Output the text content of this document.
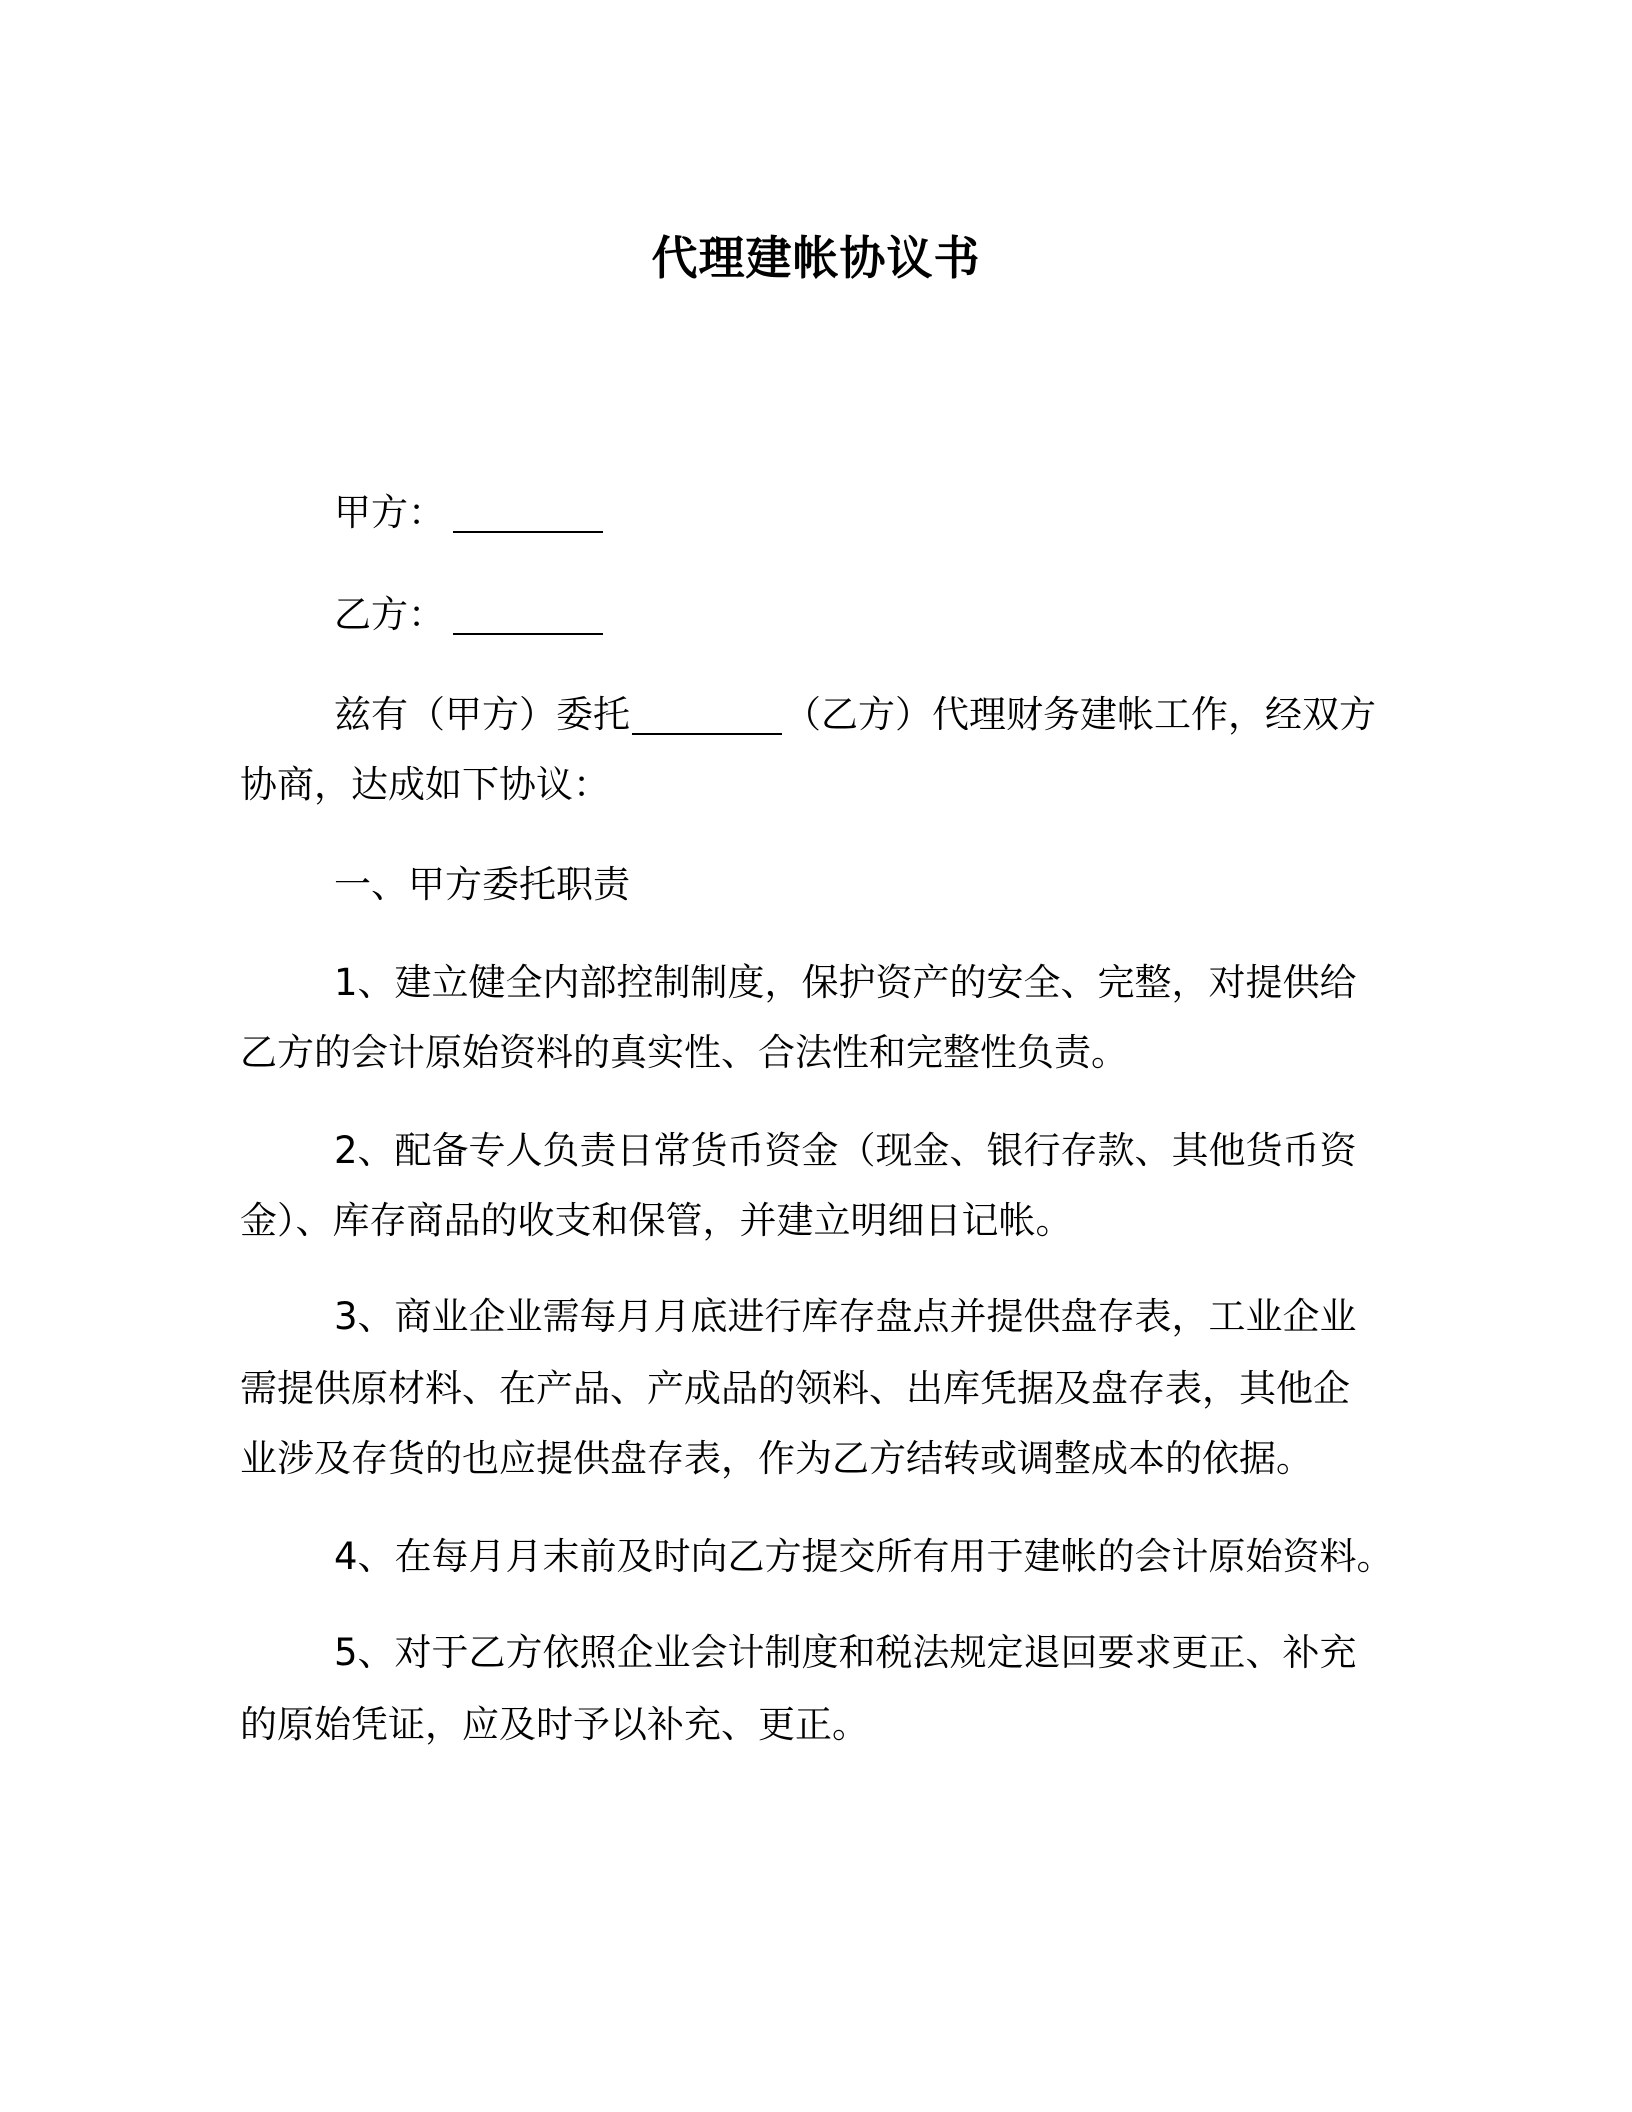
代理建帐协议书
甲方：
乙方：
兹有（甲方）委托	（乙方）代理财务建帐工作，经双方
协商，达成如下协议：
一、甲方委托职责
1、建立健全内部控制制度，保护资产的安全、完整，对提供给
乙方的会计原始资料的真实性、合法性和完整性负责。
2、配备专人负责日常货币资金（现金、银行存款、其他货币资
金）、库存商品的收支和保管，并建立明细日记帐。
3、商业企业需每月月底进行库存盘点并提供盘存表，工业企业
需提供原材料、在产品、产成品的领料、出库凭据及盘存表，其他企
业涉及存货的也应提供盘存表，作为乙方结转或调整成本的依据。
4、在每月月末前及时向乙方提交所有用于建帐的会计原始资料。
5、对于乙方依照企业会计制度和税法规定退回要求更正、补充
的原始凭证，应及时予以补充、更正。
